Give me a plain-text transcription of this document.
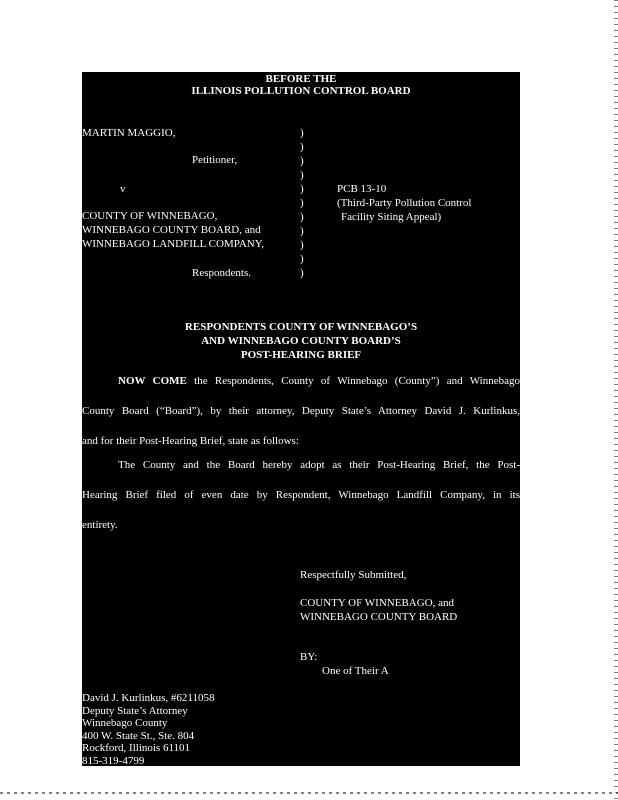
BEFORE THE
ILLINOIS POLLUTION CONTROL BOARD
MARTIN MAGGIO,
Petitioner,
v
COUNTY OF WINNEBAGO,
WINNEBAGO COUNTY BOARD, and
WINNEBAGO LANDFILL COMPANY,
Respondents.
)
)
)
)
)
)
)
)
)
)
)
PCB 13-10
(Third-Party Pollution Control
Facility Siting Appeal)
RESPONDENTS COUNTY OF WINNEBAGO’S
AND WINNEBAGO COUNTY BOARD’S
POST-HEARING BRIEF
NOW COME the Respondents, County of Winnebago (County”) and Winnebago
County Board (“Board”), by their attorney, Deputy State’s Attorney David J. Kurlinkus,
and for their Post-Hearing Brief, state as follows:
The County and the Board hereby adopt as their Post-Hearing Brief, the Post-
Hearing Brief filed of even date by Respondent, Winnebago Landfill Company, in its
entirety.
Respectfully Submitted,
COUNTY OF WINNEBAGO, and
WINNEBAGO COUNTY BOARD
BY:
One of Their A
David J. Kurlinkus, #6211058
Deputy State’s Attorney
Winnebago County
400 W. State St., Ste. 804
Rockford, Illinois 61101
815-319-4799
